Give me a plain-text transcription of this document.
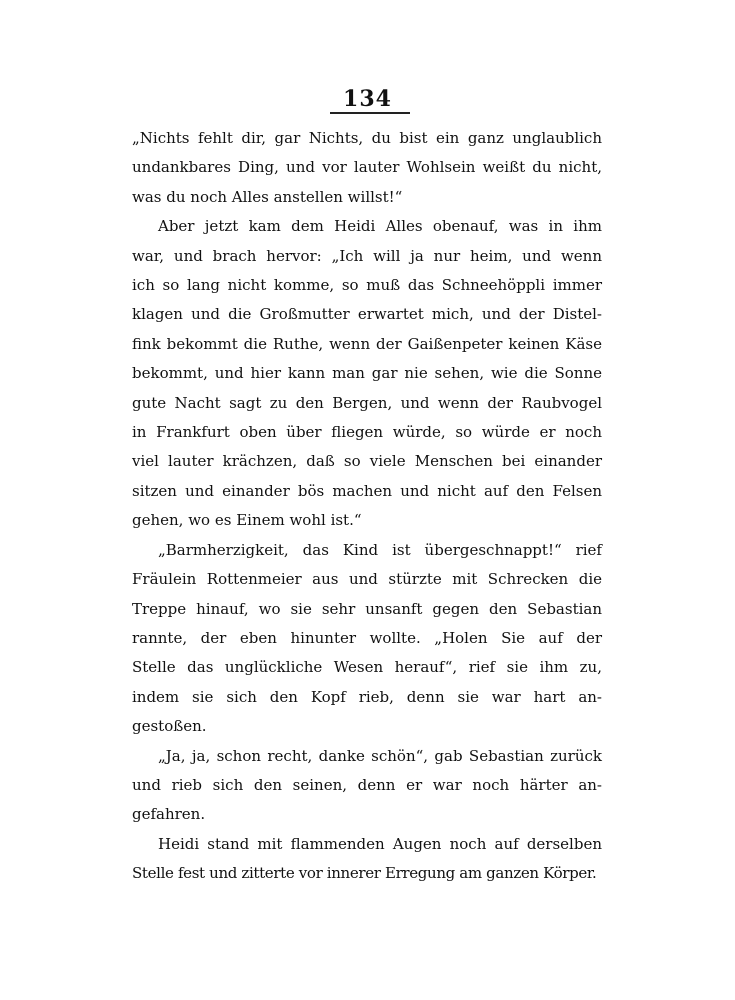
134
„Nichts fehlt dir, gar Nichts, du bist ein ganz unglaublich
undankbares Ding, und vor lauter Wohlsein weißt du nicht,
was du noch Alles anstellen willst!“
Aber jetzt kam dem Heidi Alles obenauf, was in ihm
war, und brach hervor: „Ich will ja nur heim, und wenn
ich so lang nicht komme, so muß das Schneehöppli immer
klagen und die Großmutter erwartet mich, und der Distel-
fink bekommt die Ruthe, wenn der Gaißenpeter keinen Käse
bekommt, und hier kann man gar nie sehen, wie die Sonne
gute Nacht sagt zu den Bergen, und wenn der Raubvogel
in Frankfurt oben über fliegen würde, so würde er noch
viel lauter krächzen, daß so viele Menschen bei einander
sitzen und einander bös machen und nicht auf den Felsen
gehen, wo es Einem wohl ist.“
„Barmherzigkeit, das Kind ist übergeschnappt!“ rief
Fräulein Rottenmeier aus und stürzte mit Schrecken die
Treppe hinauf, wo sie sehr unsanft gegen den Sebastian
rannte, der eben hinunter wollte. „Holen Sie auf der
Stelle das unglückliche Wesen herauf“, rief sie ihm zu,
indem sie sich den Kopf rieb, denn sie war hart an-
gestoßen.
„Ja, ja, schon recht, danke schön“, gab Sebastian zurück
und rieb sich den seinen, denn er war noch härter an-
gefahren.
Heidi stand mit flammenden Augen noch auf derselben
Stelle fest und zitterte vor innerer Erregung am ganzen Körper.
